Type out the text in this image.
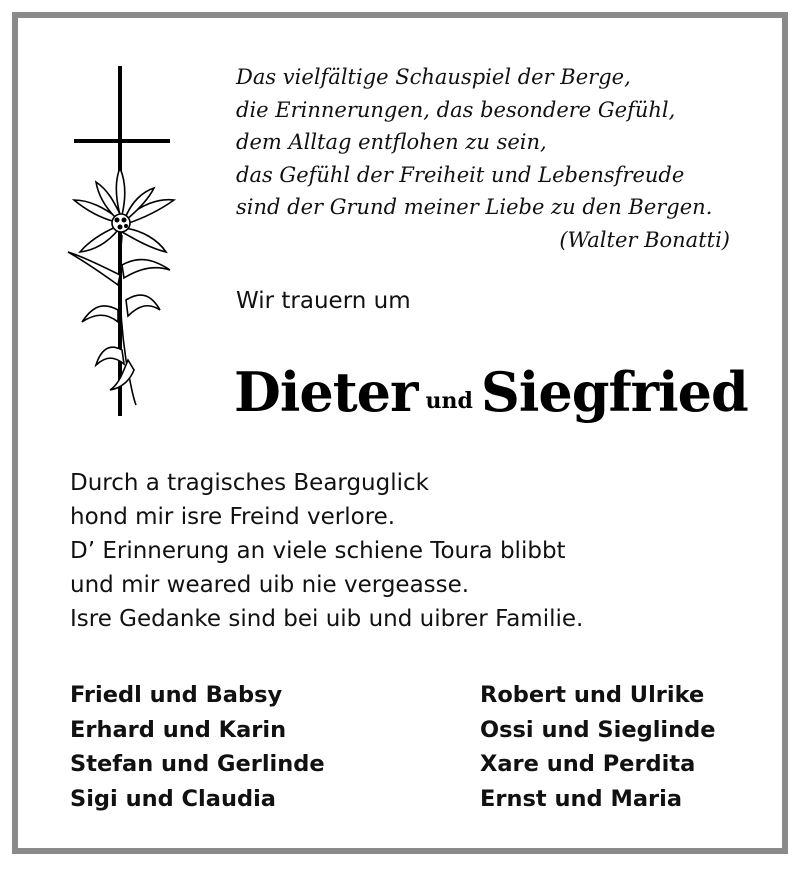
Das vielfältige Schauspiel der Berge,
die Erinnerungen, das besondere Gefühl,
dem Alltag entflohen zu sein,
das Gefühl der Freiheit und Lebensfreude
sind der Grund meiner Liebe zu den Bergen.
(Walter Bonatti)
Wir trauern um
Dieter und Siegfried
Durch a tragisches Bearguglick
hond mir isre Freind verlore.
D’ Erinnerung an viele schiene Toura blibbt
und mir weared uib nie vergeasse.
Isre Gedanke sind bei uib und uibrer Familie.
Friedl und Babsy
Erhard und Karin
Stefan und Gerlinde
Sigi und Claudia
Robert und Ulrike
Ossi und Sieglinde
Xare und Perdita
Ernst und Maria
